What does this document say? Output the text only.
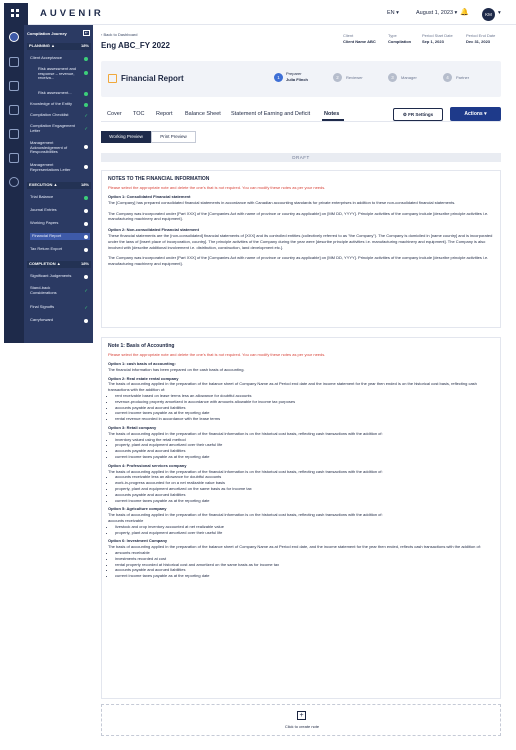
AUVENIR	EN ▾	August 1, 2023 ▾ 🔔	KM	▾
Compilation Journey	⇤
PLANNING ▲	18%
Client Acceptance
Risk assessment and response – revenue, receiva...
Risk assessment...
Knowledge of the Entity
Compilation Checklist	✓
Compilation Engagement Letter	✓
Management Acknowledgement of Responsibilities
Management Representations Letter
EXECUTION ▲	18%
Trial Balance
Journal Entries
Working Papers
Financial Report
Tax Return Export
COMPLETION ▲	18%
Significant Judgements
Stand-back Considerations	✓
Final Signoffs	✓
Carryforward
‹ Back to Dashboard
Eng ABC_FY 2022
Client
Client Name ABC
Type
Compilation
Period Start Date
Sep 1, 2023
Period End Date
Dec 31, 2023
Financial Report	1
Preparer
Julia Flinch	2	Reviewer	3	Manager	4	Partner
Cover TOC Report Balance Sheet Statement of Earning and Deficit	Notes	⚙ FR Settings	Actions ▾
Working Preview	Print Preview
DRAFT
NOTES TO THE FINANCIAL INFORMATION
Please select the appropriate note and delete the one's that is not required. You can modify these notes as per your needs.
Option 1: Consolidated Financial statement
The [Company] has prepared consolidated financial statements in accordance with Canadian accounting standards for private enterprises in addition to these non-consolidated financial statements.
The Company was incorporated under [Part XXX] of the [Companies Act with name of province or country as applicable] on [MM DD, YYYY]. Principle activities of the company include [describe principle activities i.e. manufacturing machinery and equipment].
Option 2: Non-consolidated Financial statement
These financial statements are the [non-consolidated] financial statements of [XXX] and its controlled entities (collectively referred to as "the Company"). The Company is domiciled in [name country] and is incorporated under the laws of [insert place of incorporation, country]. The principle activities of the Company during the year were [describe principle activities i.e. manufacturing machinery and equipment]. The Company is also involved with [describe additional involvement i.e. distribution, construction, land development etc.].
The Company was incorporated under [Part XXX] of the [Companies Act with name of province or country as applicable] on [MM DD, YYYY]. Principle activities of the company include [describe principle activities i.e. manufacturing machinery and equipment].
Note 1: Basis of Accounting
Please select the appropriate note and delete the one's that is not required. You can modify these notes as per your needs.
Option 1: cash basis of accounting:
The financial information has been prepared on the cash basis of accounting.
Option 2: Real estate rental company
The basis of accounting applied in the preparation of the balance sheet of Company Name as at Period end date and the income statement for the year then ended is on the historical cost basis, reflecting cash transactions with the addition of:
• rent receivable based on lease terms less an allowance for doubtful accounts
• revenue-producing property amortized in accordance with amounts allowable for income tax purposes
• accounts payable and accrued liabilities
• current income taxes payable as at the reporting date
• rental revenue recorded in accordance with the lease terms
Option 3: Retail company
The basis of accounting applied in the preparation of the financial information is on the historical cost basis, reflecting cash transactions with the addition of:
• inventory valued using the retail method
• property, plant and equipment amortized over their useful life
• accounts payable and accrued liabilities
• current income taxes payable as at the reporting date
Option 4: Professional services company
The basis of accounting applied in the preparation of the financial information is on the historical cost basis, reflecting cash transactions with the addition of:
• accounts receivable less an allowance for doubtful accounts
• work-in-progress accounted for on a net realizable value basis
• property, plant and equipment amortized on the same basis as for income tax
• accounts payable and accrued liabilities
• current income taxes payable as at the reporting date
Option 5: Agriculture company
The basis of accounting applied in the preparation of the financial information is on the historical cost basis, reflecting cash transactions with the addition of:
accounts receivable
• livestock and crop inventory accounted at net realizable value
• property, plant and equipment amortized over their useful life
Option 6: Investment Company
The basis of accounting applied in the preparation of the balance sheet of Company Name as at Period end date, and the income statement for the year then ended, reflects cash transactions with the addition of:
• amounts receivable
• investments recorded at cost
• rental property recorded at historical cost and amortized on the same basis as for income tax
• accounts payable and accrued liabilities
• current income taxes payable as at the reporting date
+
Click to create note
